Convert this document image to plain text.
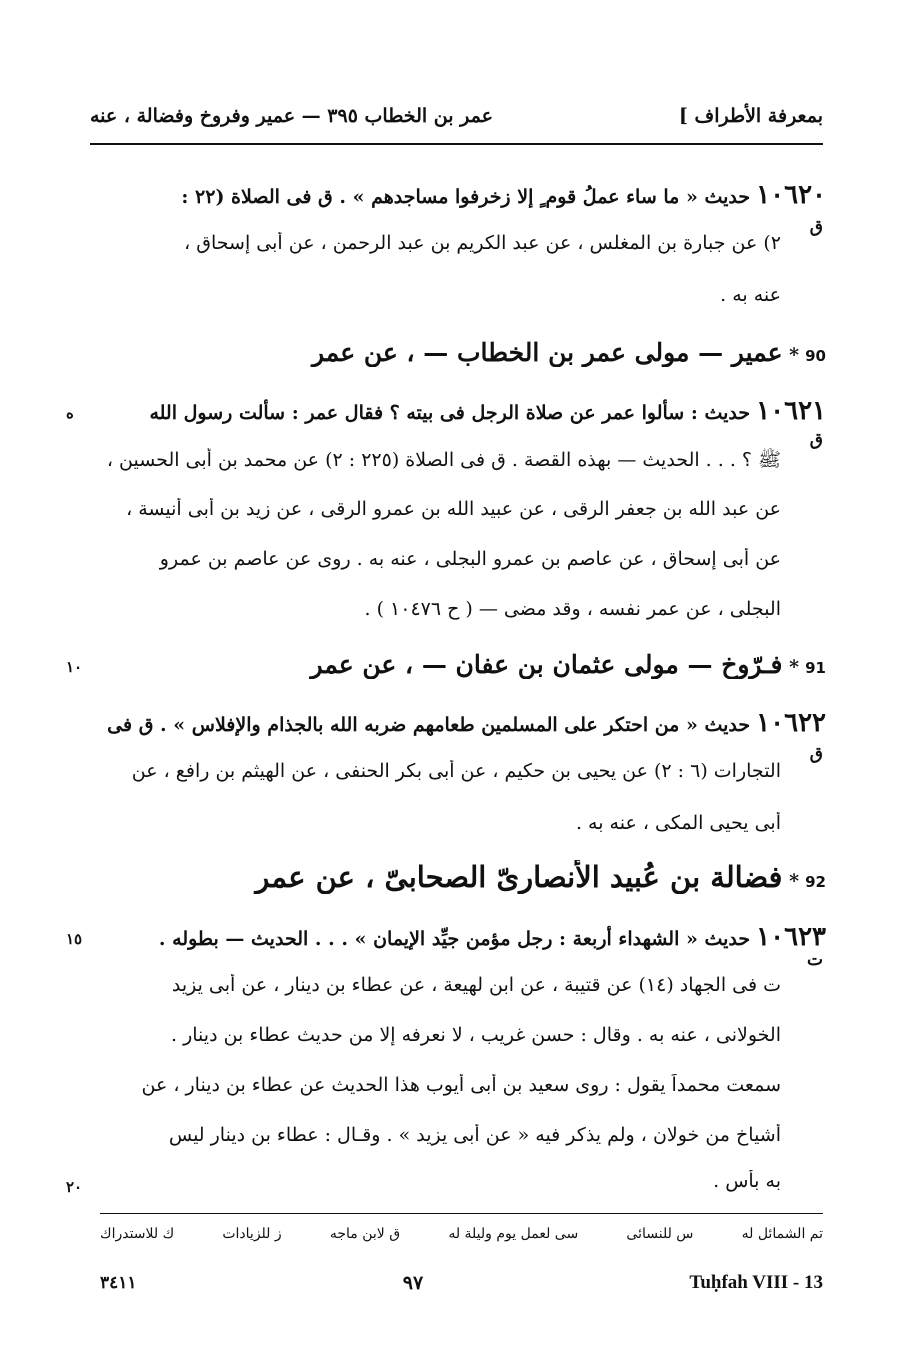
بمعرفة الأطراف ]
عمر بن الخطاب ٣٩٥ — عمير وفروخ وفضالة ، عنه
١٠٦٢٠ حديث « ما ساء عملُ قوم ٍ إلا زخرفوا مساجدهم » . ق فى الصلاة (٢٢ :
ق
٢) عن جبارة بن المغلس ، عن عبد الكريم بن عبد الرحمن ، عن أبى إسحاق ،
عنه به .
90 * عمير — مولى عمر بن الخطاب — ، عن عمر
١٠٦٢١ حديث : سألوا عمر عن صلاة الرجل فى بيته ؟ فقال عمر : سألت رسول الله
ه
ق
ﷺ ؟ . . . الحديث — بهذه القصة . ق فى الصلاة (٢٢٥ : ٢) عن محمد بن أبى الحسين ،
عن عبد الله بن جعفر الرقى ، عن عبيد الله بن عمرو الرقى ، عن زيد بن أبى أنيسة ،
عن أبى إسحاق ، عن عاصم بن عمرو البجلى ، عنه به . روى عن عاصم بن عمرو
البجلى ، عن عمر نفسه ، وقد مضى — ( ح ١٠٤٧٦ ) .
91 * فـرّوخ — مولى عثمان بن عفان — ، عن عمر
١٠
١٠٦٢٢ حديث « من احتكر على المسلمين طعامهم ضربه الله بالجذام والإفلاس » . ق فى
ق
التجارات (٦ : ٢) عن يحيى بن حكيم ، عن أبى بكر الحنفى ، عن الهيثم بن رافع ، عن
أبى يحيى المكى ، عنه به .
92 * فضالة بن عُبيد الأنصارىّ الصحابىّ ، عن عمر
١٠٦٢٣ حديث « الشهداء أربعة : رجل مؤمن جيِّد الإيمان » . . . الحديث — بطوله .
١٥
ت
ت فى الجهاد (١٤) عن قتيبة ، عن ابن لهيعة ، عن عطاء بن دينار ، عن أبى يزيد
الخولانى ، عنه به . وقال : حسن غريب ، لا نعرفه إلا من حديث عطاء بن دينار .
سمعت محمداً يقول : روى سعيد بن أبى أيوب هذا الحديث عن عطاء بن دينار ، عن
أشياخ من خولان ، ولم يذكر فيه « عن أبى يزيد » . وقـال : عطاء بن دينار ليس
به بأس .
٢٠
تم الشمائل له
س للنسائى
سى لعمل يوم وليلة له
ق لابن ماجه
ز للزيادات
ك للاستدراك
٣٤١١	٩٧	Tuḥfah VIII - 13
